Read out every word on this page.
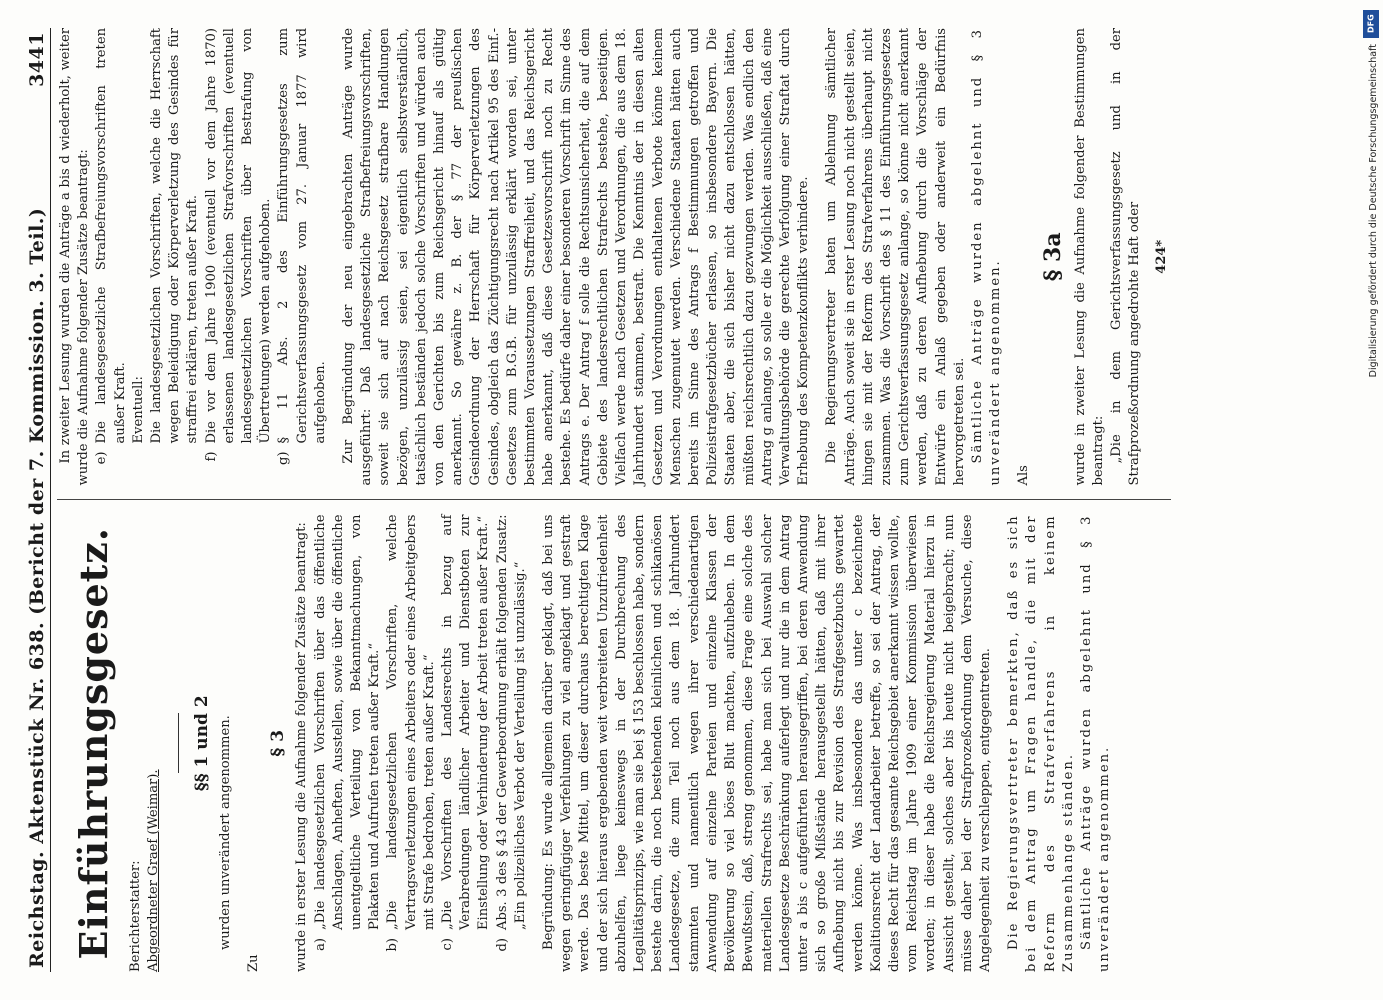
Reichstag. Aktenstück Nr. 638. (Bericht der 7. Kommission. 3. Teil.)
3441
Einführungsgesetz. Berichterstatter: Abgeordneter Graef (Weimar).

§§ 1 und 2 wurden unverändert angenommen.

Zu

§ 3 wurde in erster Lesung die Aufnahme folgender Zusätze beantragt: a)
„Die landesgesetzlichen Vorschriften über das öffentliche Anschlagen, Anheften, Ausstellen, sowie über die öffentliche unentgeltliche Verteilung von Bekanntmachungen, von Plakaten und Aufrufen treten außer Kraft.“
b)
„Die landesgesetzlichen Vorschriften, welche Vertragsverletzungen eines Arbeiters oder eines Arbeitgebers mit Strafe bedrohen, treten außer Kraft.“
c)
„Die Vorschriften des Landesrechts in bezug auf Verabredungen ländlicher Arbeiter und Dienstboten zur Einstellung oder Verhinderung der Arbeit treten außer Kraft.“
d)
Abs. 3 des § 43 der Gewerbeordnung erhält folgenden Zusatz: „Ein polizeiliches Verbot der Verteilung ist unzulässig.“ Begründung: Es wurde allgemein darüber geklagt, daß bei uns wegen geringfügiger Verfehlungen zu viel angeklagt und gestraft werde. Das beste Mittel, um dieser durchaus berechtigten Klage und der sich hieraus ergebenden weit verbreiteten Unzufriedenheit abzuhelfen, liege keineswegs in der Durchbrechung des Legalitätsprinzips, wie man sie bei § 153 beschlossen habe, sondern bestehe darin, die noch bestehenden kleinlichen und schikanösen Landesgesetze, die zum Teil noch aus dem 18. Jahrhundert stammten und namentlich wegen ihrer verschiedenartigen Anwendung auf einzelne Parteien und einzelne Klassen der Bevölkerung so viel böses Blut machten, aufzuheben. In dem Bewußtsein, daß, streng genommen, diese Frage eine solche des materiellen Strafrechts sei, habe man sich bei Auswahl solcher Landesgesetze Beschränkung auferlegt und nur die in dem Antrag unter a bis c aufgeführten herausgegriffen, bei deren Anwendung sich so große Mißstände herausgestellt hätten, daß mit ihrer Aufhebung nicht bis zur Revision des Strafgesetzbuchs gewartet werden könne. Was insbesondere das unter c bezeichnete Koalitionsrecht der Landarbeiter betreffe, so sei der Antrag, der dieses Recht für das gesamte Reichsgebiet anerkannt wissen wollte, vom Reichstag im Jahre 1909 einer Kommission überwiesen worden; in dieser habe die Reichsregierung Material hierzu in Aussicht gestellt, solches aber bis heute nicht beigebracht; nun müsse daher bei der Strafprozeßordnung dem Versuche, diese Angelegenheit zu verschleppen, entgegentreten. Die Regierungsvertreter bemerkten, daß es sich bei dem Antrag um Fragen handle, die mit der Reform des Strafverfahrens in keinem Zusammenhange ständen. Sämtliche Anträge wurden abgelehnt und § 3 unverändert angenommen.

In zweiter Lesung wurden die Anträge a bis d wiederholt, weiter wurde die Aufnahme folgender Zusätze beantragt: e)
Die landesgesetzliche Strafbefreiungsvorschriften treten außer Kraft. Eventuell: Die landesgesetzlichen Vorschriften, welche die Herrschaft wegen Beleidigung oder Körperverletzung des Gesindes für straffrei erklären, treten außer Kraft.
f)
Die vor dem Jahre 1900 (eventuell vor dem Jahre 1870) erlassenen landesgesetzlichen Strafvorschriften (eventuell landesgesetzlichen Vorschriften über Bestrafung von Übertretungen) werden aufgehoben.
g)
§ 11 Abs. 2 des Einführungsgesetzes zum Gerichtsverfassungsgesetz vom 27. Januar 1877 wird aufgehoben. Zur Begründung der neu eingebrachten Anträge wurde ausgeführt: Daß landesgesetzliche Strafbefreiungsvorschriften, soweit sie sich auf nach Reichsgesetz strafbare Handlungen bezögen, unzulässig seien, sei eigentlich selbstverständlich, tatsächlich beständen jedoch solche Vorschriften und würden auch von den Gerichten bis zum Reichsgericht hinauf als gültig anerkannt. So gewähre z. B. der § 77 der preußischen Gesindeordnung der Herrschaft für Körperverletzungen des Gesindes, obgleich das Züchtigungsrecht nach Artikel 95 des Einf.-Gesetzes zum B.G.B. für unzulässig erklärt worden sei, unter bestimmten Voraussetzungen Straffreiheit, und das Reichsgericht habe anerkannt, daß diese Gesetzesvorschrift noch zu Recht bestehe. Es bedürfe daher einer besonderen Vorschrift im Sinne des Antrags e. Der Antrag f solle die Rechtsunsicherheit, die auf dem Gebiete des landesrechtlichen Strafrechts bestehe, beseitigen. Vielfach werde nach Gesetzen und Verordnungen, die aus dem 18. Jahrhundert stammen, bestraft. Die Kenntnis der in diesen alten Gesetzen und Verordnungen enthaltenen Verbote könne keinem Menschen zugemutet werden. Verschiedene Staaten hätten auch bereits im Sinne des Antrags f Bestimmungen getroffen und Polizeistrafgesetzbücher erlassen, so insbesondere Bayern. Die Staaten aber, die sich bisher nicht dazu entschlossen hätten, müßten reichsrechtlich dazu gezwungen werden. Was endlich den Antrag g anlange, so solle er die Möglichkeit ausschließen, daß eine Verwaltungsbehörde die gerechte Verfolgung einer Straftat durch Erhebung des Kompetenzkonflikts verhindere. Die Regierungsvertreter baten um Ablehnung sämtlicher Anträge. Auch soweit sie in erster Lesung noch nicht gestellt seien, hingen sie mit der Reform des Strafverfahrens überhaupt nicht zusammen. Was die Vorschrift des § 11 des Einführungsgesetzes zum Gerichtsverfassungsgesetz anlange, so könne nicht anerkannt werden, daß zu deren Aufhebung durch die Vorschläge der Entwürfe ein Anlaß gegeben oder anderweit ein Bedürfnis hervorgetreten sei. Sämtliche Anträge wurden abgelehnt und § 3 unverändert angenommen. Als

§ 3a wurde in zweiter Lesung die Aufnahme folgender Bestimmungen beantragt: „Die in dem Gerichtsverfassungsgesetz und in der Strafprozeßordnung angedrohte Haft oder 424*
DFG
Digitalisierung gefördert durch die Deutsche Forschungsgemeinschaft
